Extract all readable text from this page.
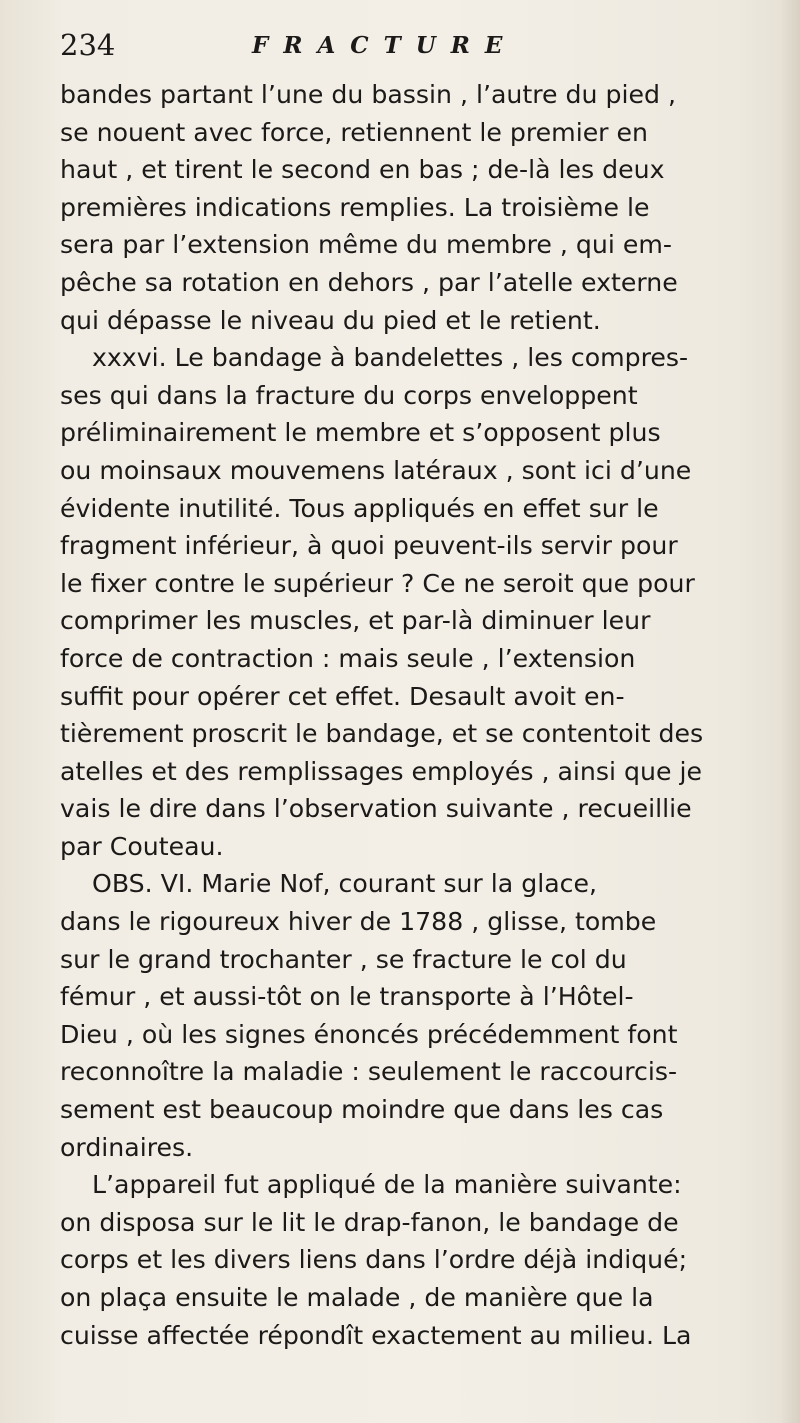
234	FRACTURE
bandes partant l’une du bassin , l’autre du pied ,
se nouent avec force, retiennent le premier en
haut , et tirent le second en bas ; de-là les deux
premières indications remplies. La troisième le
sera par l’extension même du membre , qui em-
pêche sa rotation en dehors , par l’atelle externe
qui dépasse le niveau du pied et le retient.
xxxvi. Le bandage à bandelettes , les compres-
ses qui dans la fracture du corps enveloppent
préliminairement le membre et s’opposent plus
ou moinsaux mouvemens latéraux , sont ici d’une
évidente inutilité. Tous appliqués en effet sur le
fragment inférieur, à quoi peuvent-ils servir pour
le fixer contre le supérieur ? Ce ne seroit que pour
comprimer les muscles, et par-là diminuer leur
force de contraction : mais seule , l’extension
suffit pour opérer cet effet. Desault avoit en-
tièrement proscrit le bandage, et se contentoit des
atelles et des remplissages employés , ainsi que je
vais le dire dans l’observation suivante , recueillie
par Couteau.
OBS. VI. Marie Nof, courant sur la glace,
dans le rigoureux hiver de 1788 , glisse, tombe
sur le grand trochanter , se fracture le col du
fémur , et aussi-tôt on le transporte à l’Hôtel-
Dieu , où les signes énoncés précédemment font
reconnoître la maladie : seulement le raccourcis-
sement est beaucoup moindre que dans les cas
ordinaires.
L’appareil fut appliqué de la manière suivante:
on disposa sur le lit le drap-fanon, le bandage de
corps et les divers liens dans l’ordre déjà indiqué;
on plaça ensuite le malade , de manière que la
cuisse affectée répondît exactement au milieu. La
